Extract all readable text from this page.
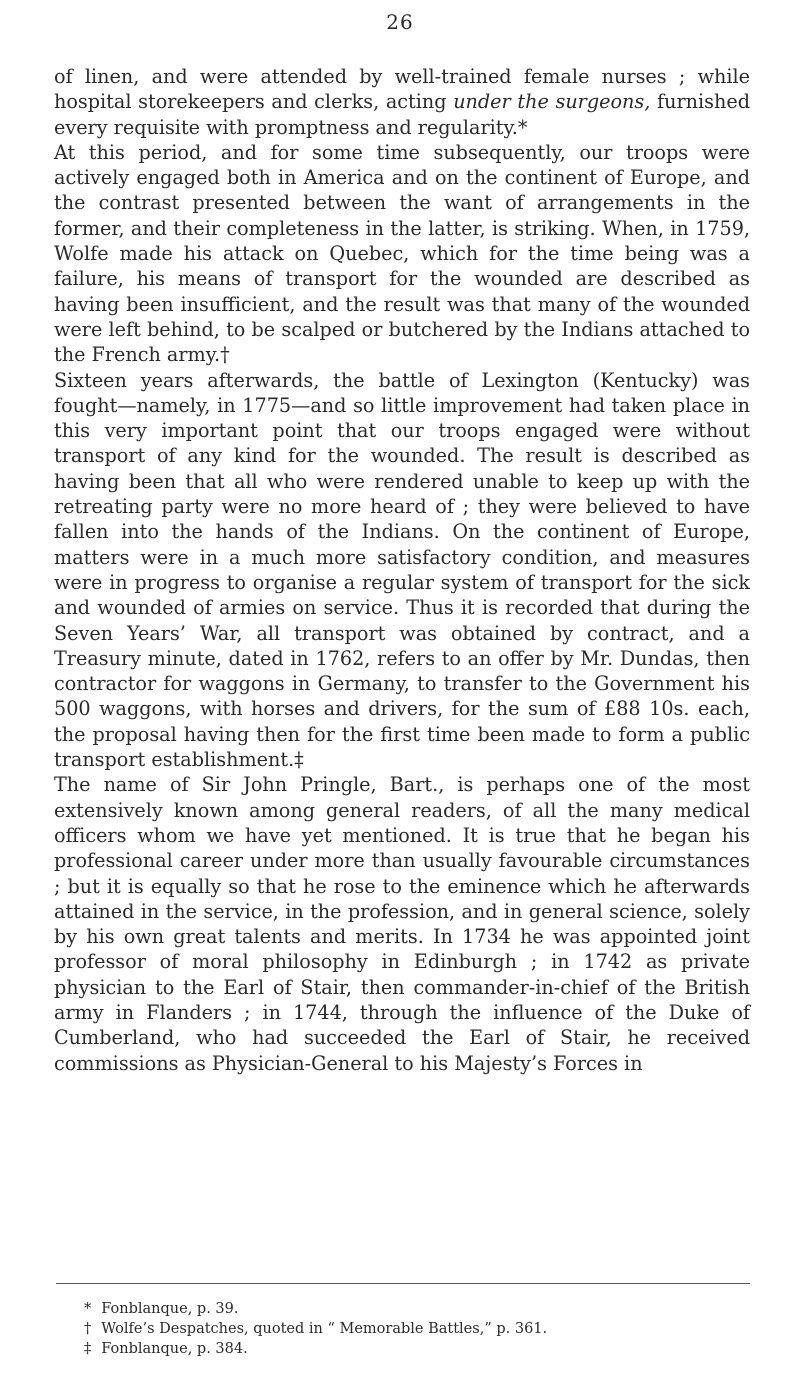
26

of linen, and were attended by well-trained female nurses ; while hospital storekeepers and clerks, acting under the surgeons, furnished every requisite with promptness and regularity.*

At this period, and for some time subsequently, our troops were actively engaged both in America and on the continent of Europe, and the contrast presented between the want of arrangements in the former, and their completeness in the latter, is striking. When, in 1759, Wolfe made his attack on Quebec, which for the time being was a failure, his means of transport for the wounded are described as having been insufficient, and the result was that many of the wounded were left behind, to be scalped or butchered by the Indians attached to the French army.†

Sixteen years afterwards, the battle of Lexington (Kentucky) was fought—namely, in 1775—and so little improvement had taken place in this very important point that our troops engaged were without transport of any kind for the wounded. The result is described as having been that all who were rendered unable to keep up with the retreating party were no more heard of ; they were believed to have fallen into the hands of the Indians. On the continent of Europe, matters were in a much more satisfactory condition, and measures were in progress to organise a regular system of transport for the sick and wounded of armies on service. Thus it is recorded that during the Seven Years’ War, all transport was obtained by contract, and a Treasury minute, dated in 1762, refers to an offer by Mr. Dundas, then contractor for waggons in Germany, to transfer to the Government his 500 waggons, with horses and drivers, for the sum of £88 10s. each, the proposal having then for the first time been made to form a public transport establishment.‡

The name of Sir John Pringle, Bart., is perhaps one of the most extensively known among general readers, of all the many medical officers whom we have yet mentioned. It is true that he began his professional career under more than usually favourable circumstances ; but it is equally so that he rose to the eminence which he afterwards attained in the service, in the profession, and in general science, solely by his own great talents and merits. In 1734 he was appointed joint professor of moral philosophy in Edinburgh ; in 1742 as private physician to the Earl of Stair, then commander-in-chief of the British army in Flanders ; in 1744, through the influence of the Duke of Cumberland, who had succeeded the Earl of Stair, he received commissions as Physician-General to his Majesty’s Forces in

* Fonblanque, p. 39.

† Wolfe’s Despatches, quoted in “ Memorable Battles,” p. 361.

‡ Fonblanque, p. 384.
